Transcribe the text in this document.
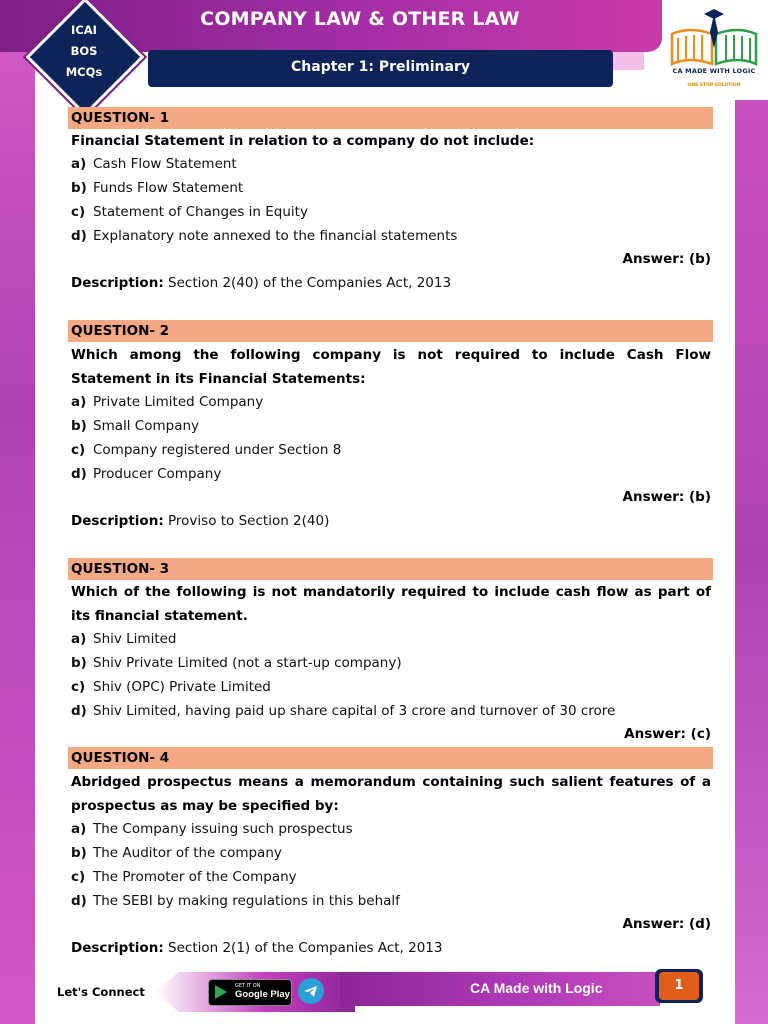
COMPANY LAW & OTHER LAW
Chapter 1: Preliminary
ICAI
BOS
MCQs	CA MADE WITH LOGIC
ONE STOP SOLUTION
QUESTION- 1
Financial Statement in relation to a company do not include:
a) Cash Flow Statement
b) Funds Flow Statement
c) Statement of Changes in Equity
d) Explanatory note annexed to the financial statements
Answer: (b)
Description: Section 2(40) of the Companies Act, 2013
QUESTION- 2
Which among the following company is not required to include Cash Flow Statement in its Financial Statements:
a) Private Limited Company
b) Small Company
c) Company registered under Section 8
d) Producer Company
Answer: (b)
Description: Proviso to Section 2(40)
QUESTION- 3
Which of the following is not mandatorily required to include cash flow as part of its financial statement.
a) Shiv Limited
b) Shiv Private Limited (not a start-up company)
c) Shiv (OPC) Private Limited
d) Shiv Limited, having paid up share capital of 3 crore and turnover of 30 crore
Answer: (c)
QUESTION- 4
Abridged prospectus means a memorandum containing such salient features of a prospectus as may be specified by:
a) The Company issuing such prospectus
b) The Auditor of the company
c) The Promoter of the Company
d) The SEBI by making regulations in this behalf
Answer: (d)
Description: Section 2(1) of the Companies Act, 2013
Let's Connect	GET IT ON
Google Play	CA Made with Logic	1
